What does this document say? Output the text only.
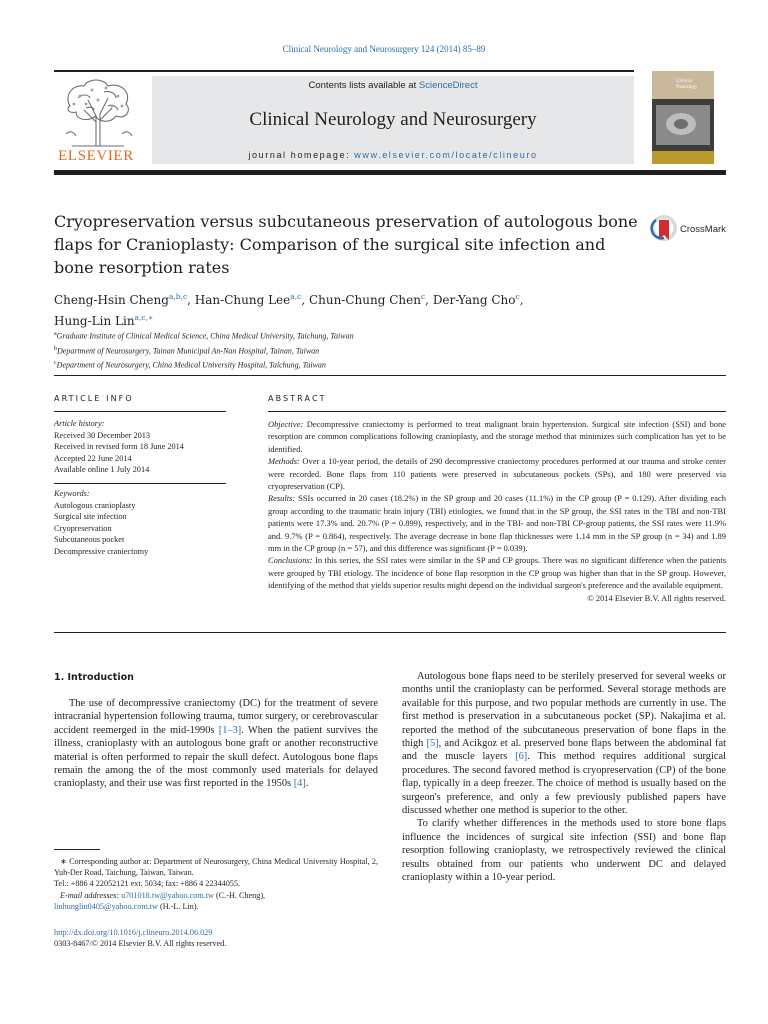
Clinical Neurology and Neurosurgery 124 (2014) 85–89
ELSEVIER
Contents lists available at ScienceDirect
Clinical Neurology and Neurosurgery
journal homepage: www.elsevier.com/locate/clineuro
Clinical Neurology
Cryopreservation versus subcutaneous preservation of autologous bone flaps for Cranioplasty: Comparison of the surgical site infection and bone resorption rates
CrossMark
Cheng-Hsin Cheng$^{a,b,c}$, Han-Chung Lee$^{a,c}$, Chun-Chung Chen$^c$, Der-Yang Cho$^c$,
Hung-Lin Lin$^{a,c,∗}$
$^a$Graduate Institute of Clinical Medical Science, China Medical University, Taichung, Taiwan
$^b$Department of Neurosurgery, Tainan Municipal An-Nan Hospital, Tainan, Taiwan
$^c$Department of Neurosurgery, China Medical University Hospital, Taichung, Taiwan
ARTICLE INFO	ABSTRACT
Article history:
Received 30 December 2013
Received in revised form 18 June 2014
Accepted 22 June 2014
Available online 1 July 2014
Keywords:
Autologous cranioplasty
Surgical site infection
Cryopreservation
Subcutaneous pocket
Decompressive craniectomy
Objective: Decompressive craniectomy is performed to treat malignant brain hypertension. Surgical site infection (SSI) and bone resorption are common complications following cranioplasty, and the storage method that minimizes such complication has yet to be identified.
Methods: Over a 10-year period, the details of 290 decompressive craniectomy procedures performed at our trauma and stroke center were recorded. Bone flaps from 110 patients were preserved in subcutaneous pockets (SPs), and 180 were preserved via cryopreservation (CP).
Results: SSIs occurred in 20 cases (18.2%) in the SP group and 20 cases (11.1%) in the CP group (P = 0.129). After dividing each group according to the traumatic brain injury (TBI) etiologies, we found that in the SP group, the SSI rates in the TBI and non-TBI patients were 17.3% and. 20.7% (P = 0.899), respectively, and in the TBI- and non-TBI CP-group patients, the SSI rates were 11.9% and. 9.7% (P = 0.864), respectively. The average decrease in bone flap thicknesses were 1.14 mm in the SP group (n = 34) and 1.89 mm in the CP group (n = 57), and this difference was significant (P = 0.039).
Conclusions: In this series, the SSI rates were similar in the SP and CP groups. There was no significant difference when the patients were grouped by TBI etiology. The incidence of bone flap resorption in the CP group was higher than that in the SP group. However, identifying of the method that yields superior results might depend on the individual surgeon's preference and the available equipment.
© 2014 Elsevier B.V. All rights reserved.
1. Introduction

The use of decompressive craniectomy (DC) for the treatment of severe intracranial hypertension following trauma, tumor surgery, or cerebrovascular accident reemerged in the mid-1990s [1–3]. When the patient survives the illness, cranioplasty with an autologous bone graft or another reconstructive material is often performed to repair the skull defect. Autologous bone flaps remain the among the of the most commonly used materials for delayed cranioplasty, and their use was first reported in the 1950s [4].

Autologous bone flaps need to be sterilely preserved for several weeks or months until the cranioplasty can be performed. Several storage methods are available for this purpose, and two popular methods are currently in use. The first method is preservation in a subcutaneous pocket (SP). Nakajima et al. reported the method of the subcutaneous preservation of bone flaps in the thigh [5], and Acikgoz et al. preserved bone flaps between the abdominal fat and the muscle layers [6]. This method requires additional surgical procedures. The second favored method is cryopreservation (CP) of the bone flap, typically in a deep freezer. The choice of method is usually based on the surgeon's preference, and only a few previously published papers have discussed whether one method is superior to the other.

To clarify whether differences in the methods used to store bone flaps influence the incidences of surgical site infection (SSI) and bone flap resorption following cranioplasty, we retrospectively reviewed the clinical results obtained from our patients who underwent DC and delayed cranioplasty within a 10-year period.

∗ Corresponding author at: Department of Neurosurgery, China Medical University Hospital, 2, Yuh-Der Road, Taichung, Taiwan, Taiwan.

Tel.: +886 4 22052121 ext. 5034; fax: +886 4 22344055.

E-mail addresses: u701018.tw@yahoo.com.tw (C.-H. Cheng),
linhunglin0405@yahoo.com.tw (H.-L. Lin).

http://dx.doi.org/10.1016/j.clineuro.2014.06.029
0303-8467/© 2014 Elsevier B.V. All rights reserved.
